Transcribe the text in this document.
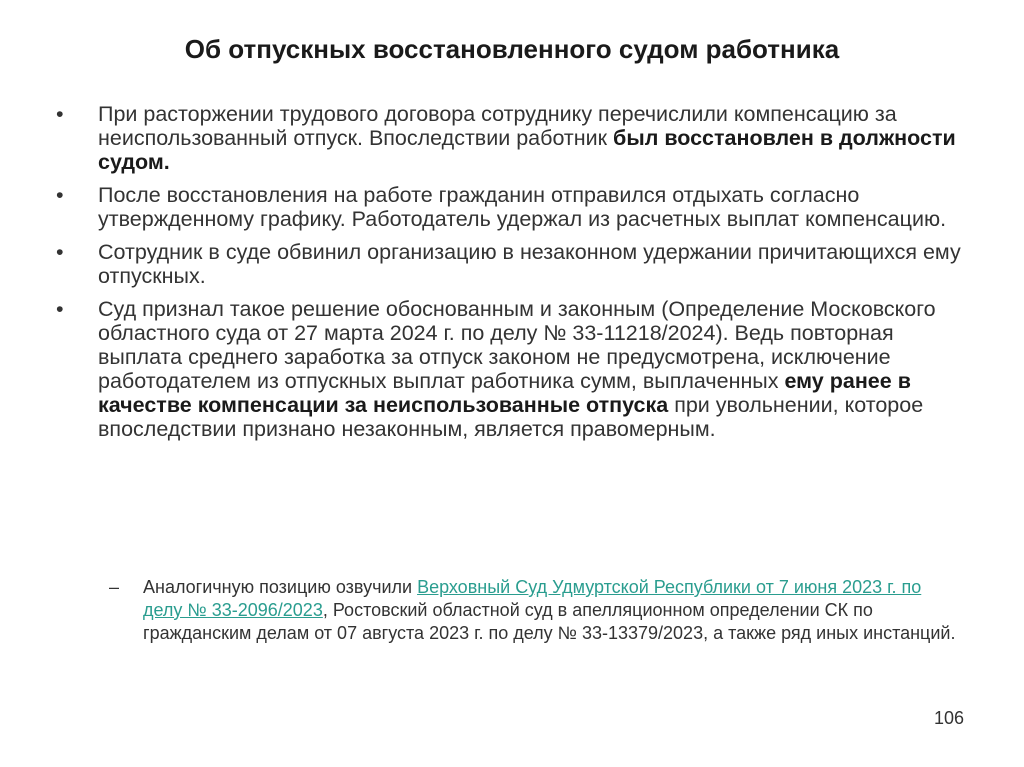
Об отпускных восстановленного судом работника
•	При расторжении трудового договора сотруднику перечислили компенсацию за неиспользованный отпуск. Впоследствии работник был восстановлен в должности судом.
•	После восстановления на работе гражданин отправился отдыхать согласно утвержденному графику. Работодатель удержал из расчетных выплат компенсацию.
•	Сотрудник в суде обвинил организацию в незаконном удержании причитающихся ему отпускных.
•	Суд признал такое решение обоснованным и законным (Определение Московского областного суда от 27 марта 2024 г. по делу № 33-11218/2024). Ведь повторная выплата среднего заработка за отпуск законом не предусмотрена, исключение работодателем из отпускных выплат работника сумм, выплаченных ему ранее в качестве компенсации за неиспользованные отпуска при увольнении, которое впоследствии признано незаконным, является правомерным.
–	Аналогичную позицию озвучили Верховный Суд Удмуртской Республики от 7 июня 2023 г. по делу № 33-2096/2023, Ростовский областной суд в апелляционном определении СК по гражданским делам от 07 августа 2023 г. по делу № 33-13379/2023, а также ряд иных инстанций.
106
